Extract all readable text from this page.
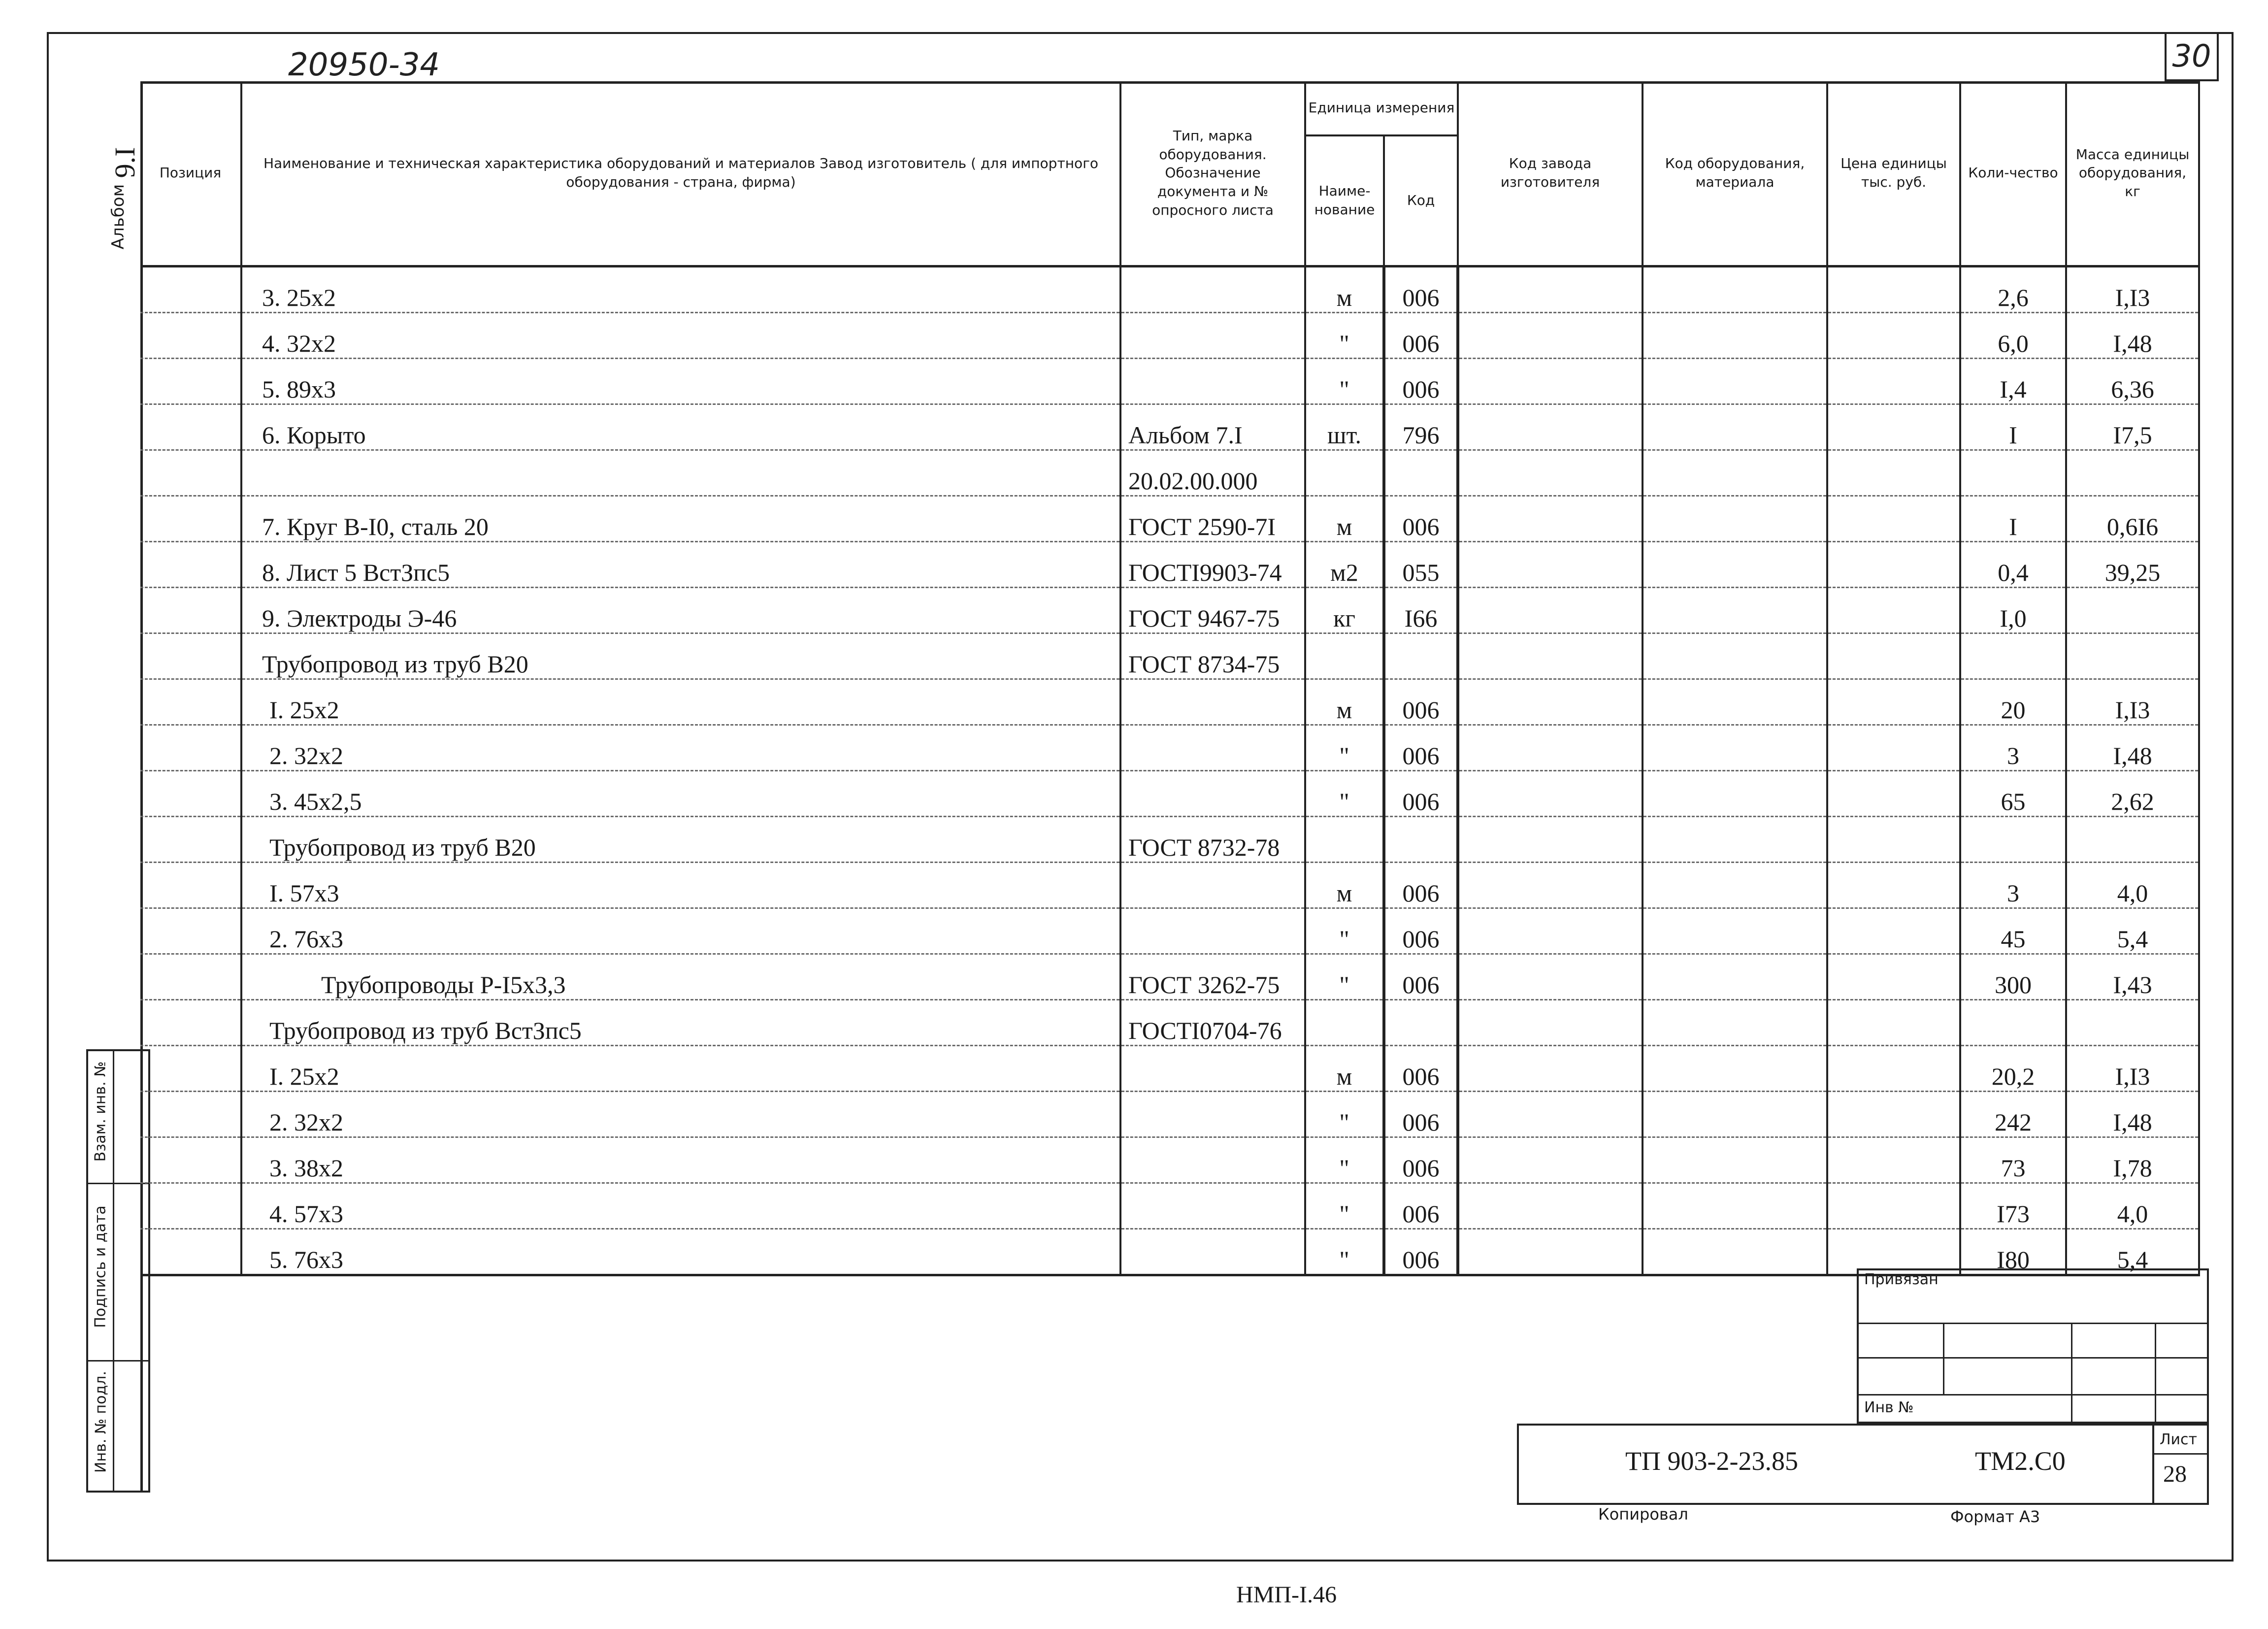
20950-34	30
Альбом
9.I
Взам. инв. №
Подпись и дата
Инв. № подл.
Позиция	Наименование и техническая характеристика оборудований и материалов Завод изготовитель ( для импортного оборудования - страна, фирма)	Тип, марка оборудования. Обозначение документа и № опросного листа	Единица измерения		Код завода изготовителя	Код оборудования, материала	Цена единицы тыс. руб.	Коли-чество	Масса единицы оборудования, кг
			Наиме-нование	Код					
	3. 25x2		м	006				2,6	I,I3
	4. 32x2		"	006				6,0	I,48
	5. 89x3		"	006				I,4	6,36
	6. Корыто	Альбом 7.I	шт.	796				I	I7,5
		20.02.00.000							
	7. Круг В-I0, сталь 20	ГОСТ 2590-7I	м	006				I	0,6I6
	8. Лист 5 ВстЗпс5	ГОСТI9903-74	м2	055				0,4	39,25
	9. Электроды Э-46	ГОСТ 9467-75	кг	I66				I,0	
	Трубопровод из труб В20	ГОСТ 8734-75							
	I. 25x2		м	006				20	I,I3
	2. 32x2		"	006				3	I,48
	3. 45x2,5		"	006				65	2,62
	Трубопровод из труб В20	ГОСТ 8732-78							
	I. 57x3		м	006				3	4,0
	2. 76x3		"	006				45	5,4
	Трубопроводы Р-I5x3,3	ГОСТ 3262-75	"	006				300	I,43
	Трубопровод из труб ВстЗпс5	ГОСТI0704-76							
	I. 25x2		м	006				20,2	I,I3
	2. 32x2		"	006				242	I,48
	3. 38x2		"	006				73	I,78
	4. 57x3		"	006				I73	4,0
	5. 76x3		"	006				I80	5,4
Привязан
Инв №
ТП 903-2-23.85	ТМ2.С0
Лист
28
Копировал	Формат А3
НМП-I.46
